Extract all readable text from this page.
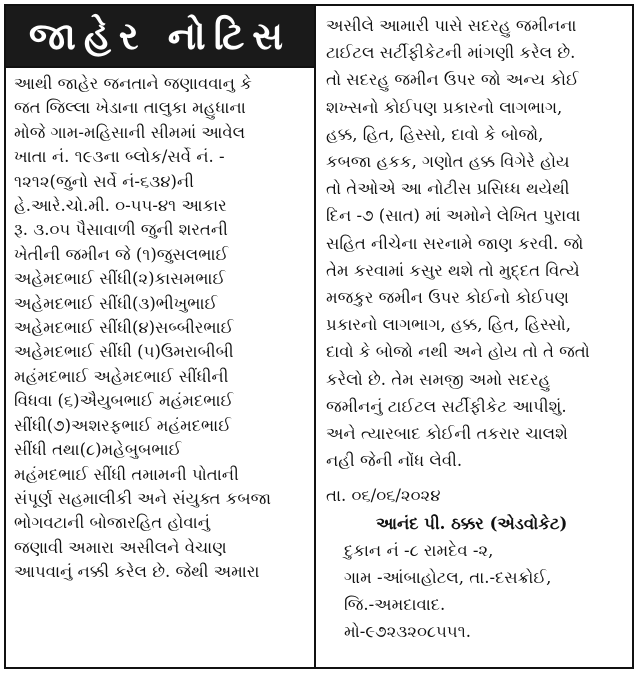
જાહેર નોટિસ
આથી જાહેર જનતાને જણાવવાનુ કે
જત જિલ્લા ખેડાના તાલુકા મહુધાના
મોજે ગામ-મહિસાની સીમમાં આવેલ
ખાતા નં. ૧૯૩ના બ્લોક/સર્વે નં. -
૧૨૧૨(જુનો સર્વે નં-૬૩૪)ની
હે.આરે.ચો.મી. ૦-૫૫-૪૧ આકાર
રૂ. ૩.૦૫ પૈસાવાળી જુની શરતની
ખેતીની જમીન જે (૧)જુસલભાઈ
અહેમદભાઈ સીંધી(૨)કાસમભાઈ
અહેમદભાઈ સીંધી(૩)ભીખુભાઈ
અહેમદભાઈ સીંધી(૪)સબ્બીરભાઈ
અહેમદભાઈ સીંધી (૫)ઉમરાબીબી
મહંમદભાઈ અહેમદભાઈ સીંધીની
વિધવા (૬)ઐયુબભાઈ મહંમદભાઈ
સીંધી(૭)અશરફભાઈ મહંમદભાઈ
સીંધી તથા(૮)મહેબુબભાઈ
મહંમદભાઈ સીંધી તમામની પોતાની
સંપૂર્ણ સહમાલીકી અને સંયુક્ત કબજા
ભોગવટાની બોજારહિત હોવાનું
જણાવી અમારા અસીલને વેચાણ
આપવાનું નક્કી કરેલ છે. જેથી અમારા
અસીલે આમારી પાસે સદરહુ જમીનના
ટાઈટલ સર્ટીફીકેટની માંગણી કરેલ છે.
તો સદરહુ જમીન ઉપર જો અન્ય કોઈ
શખ્સનો કોઈપણ પ્રકારનો લાગભાગ,
હક્ક, હિત, હિસ્સો, દાવો કે બોજો,
કબજા હકક, ગણોત હક્ક વિગેરે હોય
તો તેઓએ આ નોટીસ પ્રસિધ્ધ થયેથી
દિન -૭ (સાત) માં અમોને લેખિત પુરાવા
સહિત નીચેના સરનામે જાણ કરવી. જો
તેમ કરવામાં કસુર થશે તો મુદ્દત વિત્યે
મજકુર જમીન ઉપર કોઈનો કોઈપણ
પ્રકારનો લાગભાગ, હક્ક, હિત, હિસ્સો,
દાવો કે બોજો નથી અને હોય તો તે જતો
કરેલો છે. તેમ સમજી અમો સદરહુ
જમીનનું ટાઈટલ સર્ટીફીકેટ આપીશું.
અને ત્યારબાદ કોઈની તકરાર ચાલશે
નહી જેની નોંધ લેવી.
તા. ૦૬/૦૬/૨૦૨૪
આનંદ પી. ઠક્કર (એડવોકેટ)
દુકાન નં -૮ રામદેવ -૨,
ગામ -આંબાહોટલ, તા.-દસક્રોઈ,
જિ.-અમદાવાદ.
મો-૯૭૨૩૨૦૮૫૫૧.
